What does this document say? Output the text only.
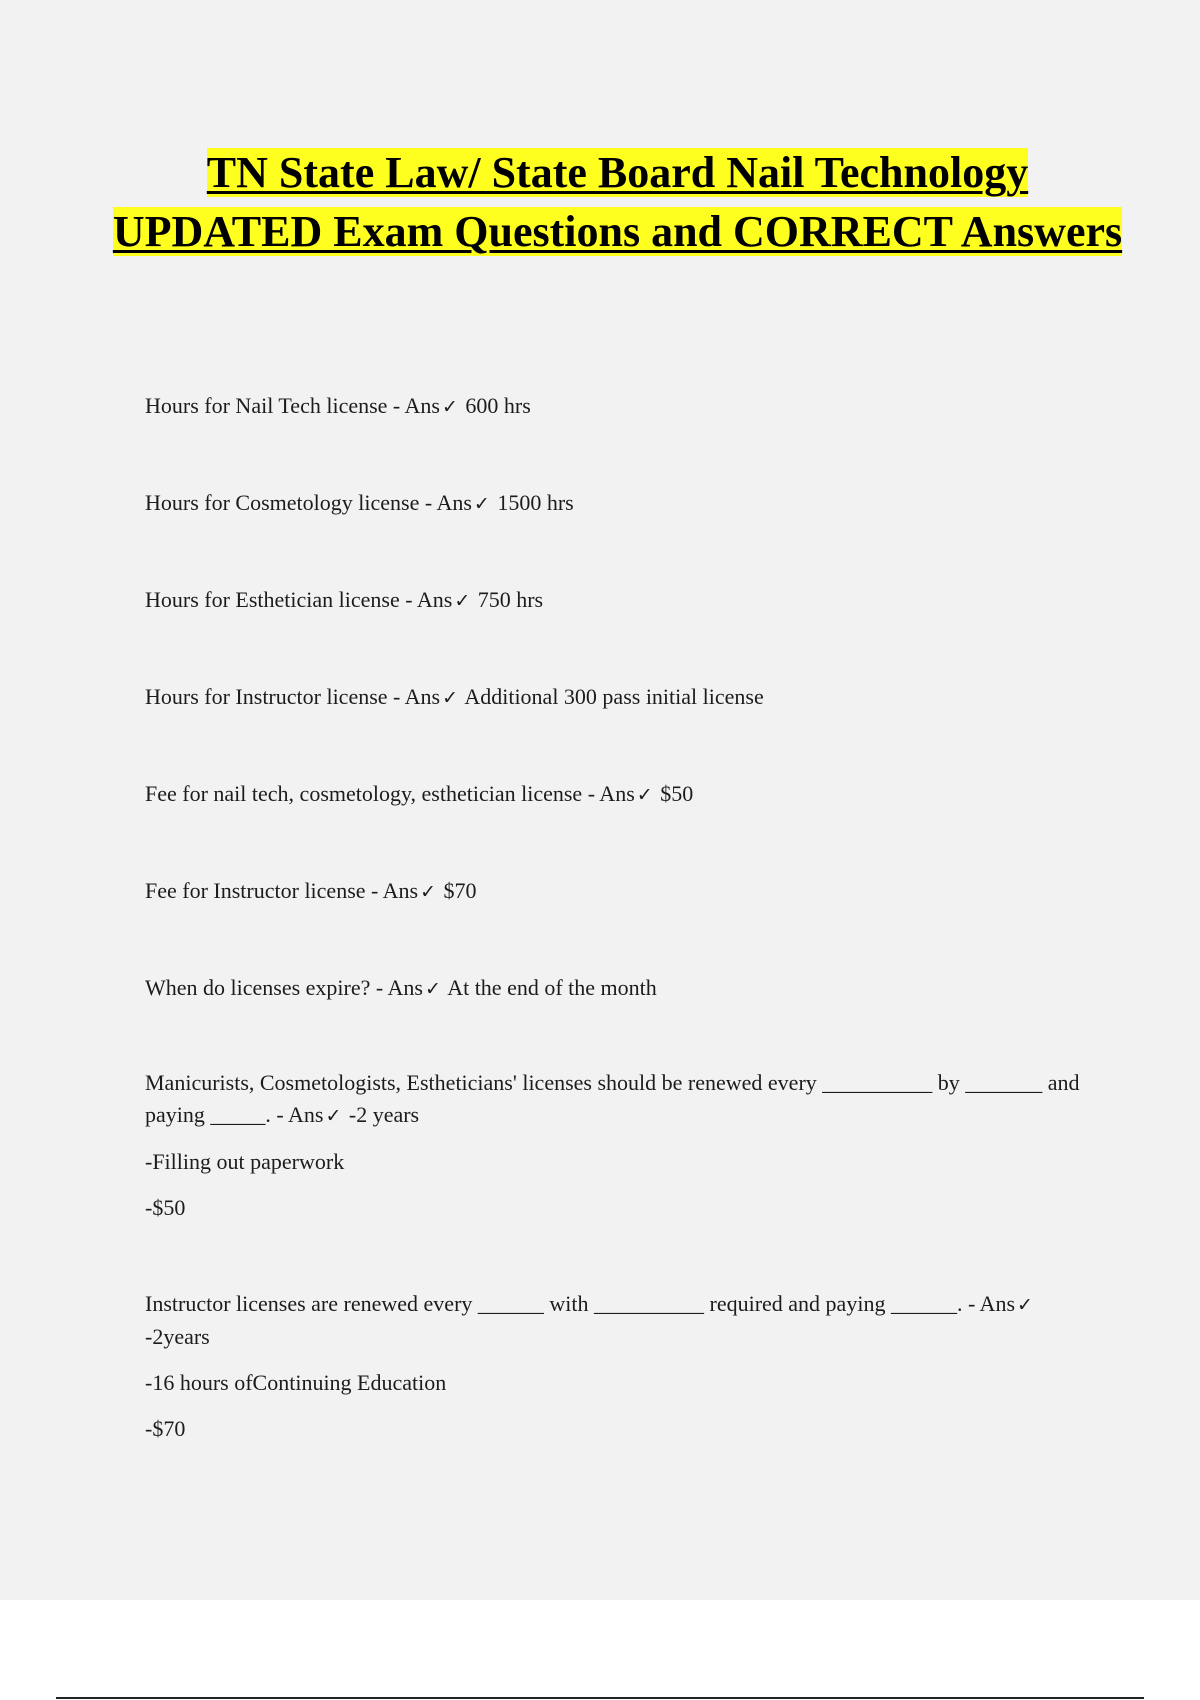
TN State Law/ State Board Nail Technology UPDATED Exam Questions and CORRECT Answers

Hours for Nail Tech license - Ans ✓ 600 hrs

Hours for Cosmetology license - Ans ✓ 1500 hrs

Hours for Esthetician license - Ans ✓ 750 hrs

Hours for Instructor license - Ans ✓ Additional 300 pass initial license

Fee for nail tech, cosmetology, esthetician license - Ans ✓ $50

Fee for Instructor license - Ans ✓ $70

When do licenses expire? - Ans ✓ At the end of the month

Manicurists, Cosmetologists, Estheticians' licenses should be renewed every __________ by _______ and paying _____. - Ans ✓ -2 years

-Filling out paperwork

-$50

Instructor licenses are renewed every ______ with __________ required and paying ______. - Ans ✓ -2years

-16 hours ofContinuing Education

-$70
